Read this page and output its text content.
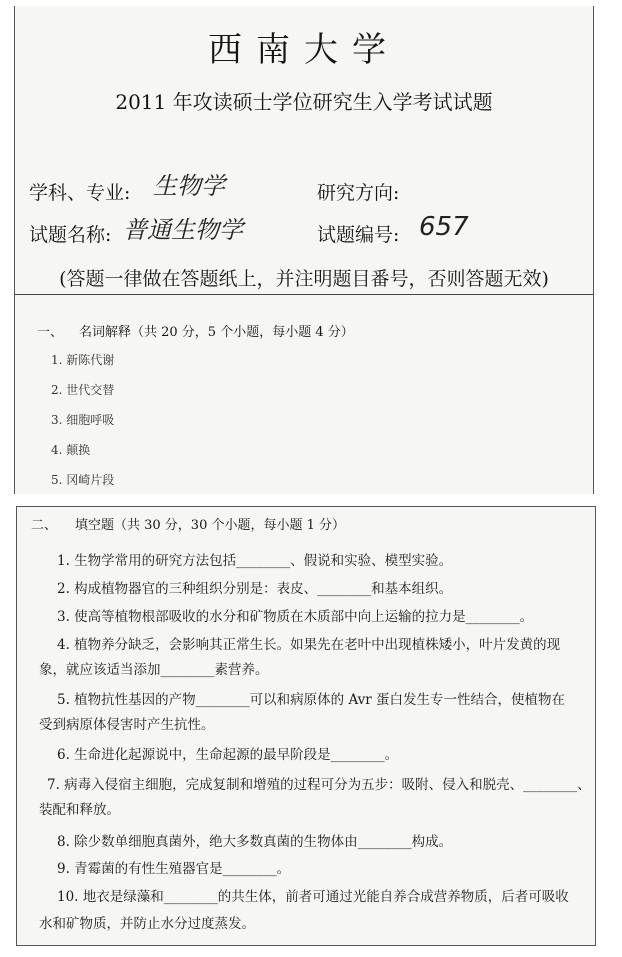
西南大学
2011 年攻读硕士学位研究生入学考试试题
学科、专业: 生物学	研究方向:
试题名称: 普通生物学	试题编号: 657
(答题一律做在答题纸上，并注明题目番号，否则答题无效)
一、 名词解释（共 20 分，5 个小题，每小题 4 分）
1. 新陈代谢
2. 世代交替
3. 细胞呼吸
4. 颠换
5. 冈崎片段
二、 填空题（共 30 分，30 个小题，每小题 1 分）
1. 生物学常用的研究方法包括________、假说和实验、模型实验。
2. 构成植物器官的三种组织分别是：表皮、________和基本组织。
3. 使高等植物根部吸收的水分和矿物质在木质部中向上运输的拉力是________。
4. 植物养分缺乏，会影响其正常生长。如果先在老叶中出现植株矮小，叶片发黄的现
象，就应该适当添加________素营养。
5. 植物抗性基因的产物________可以和病原体的 Avr 蛋白发生专一性结合，使植物在
受到病原体侵害时产生抗性。
6. 生命进化起源说中，生命起源的最早阶段是________。
7. 病毒入侵宿主细胞，完成复制和增殖的过程可分为五步：吸附、侵入和脱壳、________、
装配和释放。
8. 除少数单细胞真菌外，绝大多数真菌的生物体由________构成。
9. 青霉菌的有性生殖器官是________。
10. 地衣是绿藻和________的共生体，前者可通过光能自养合成营养物质，后者可吸收
水和矿物质，并防止水分过度蒸发。
